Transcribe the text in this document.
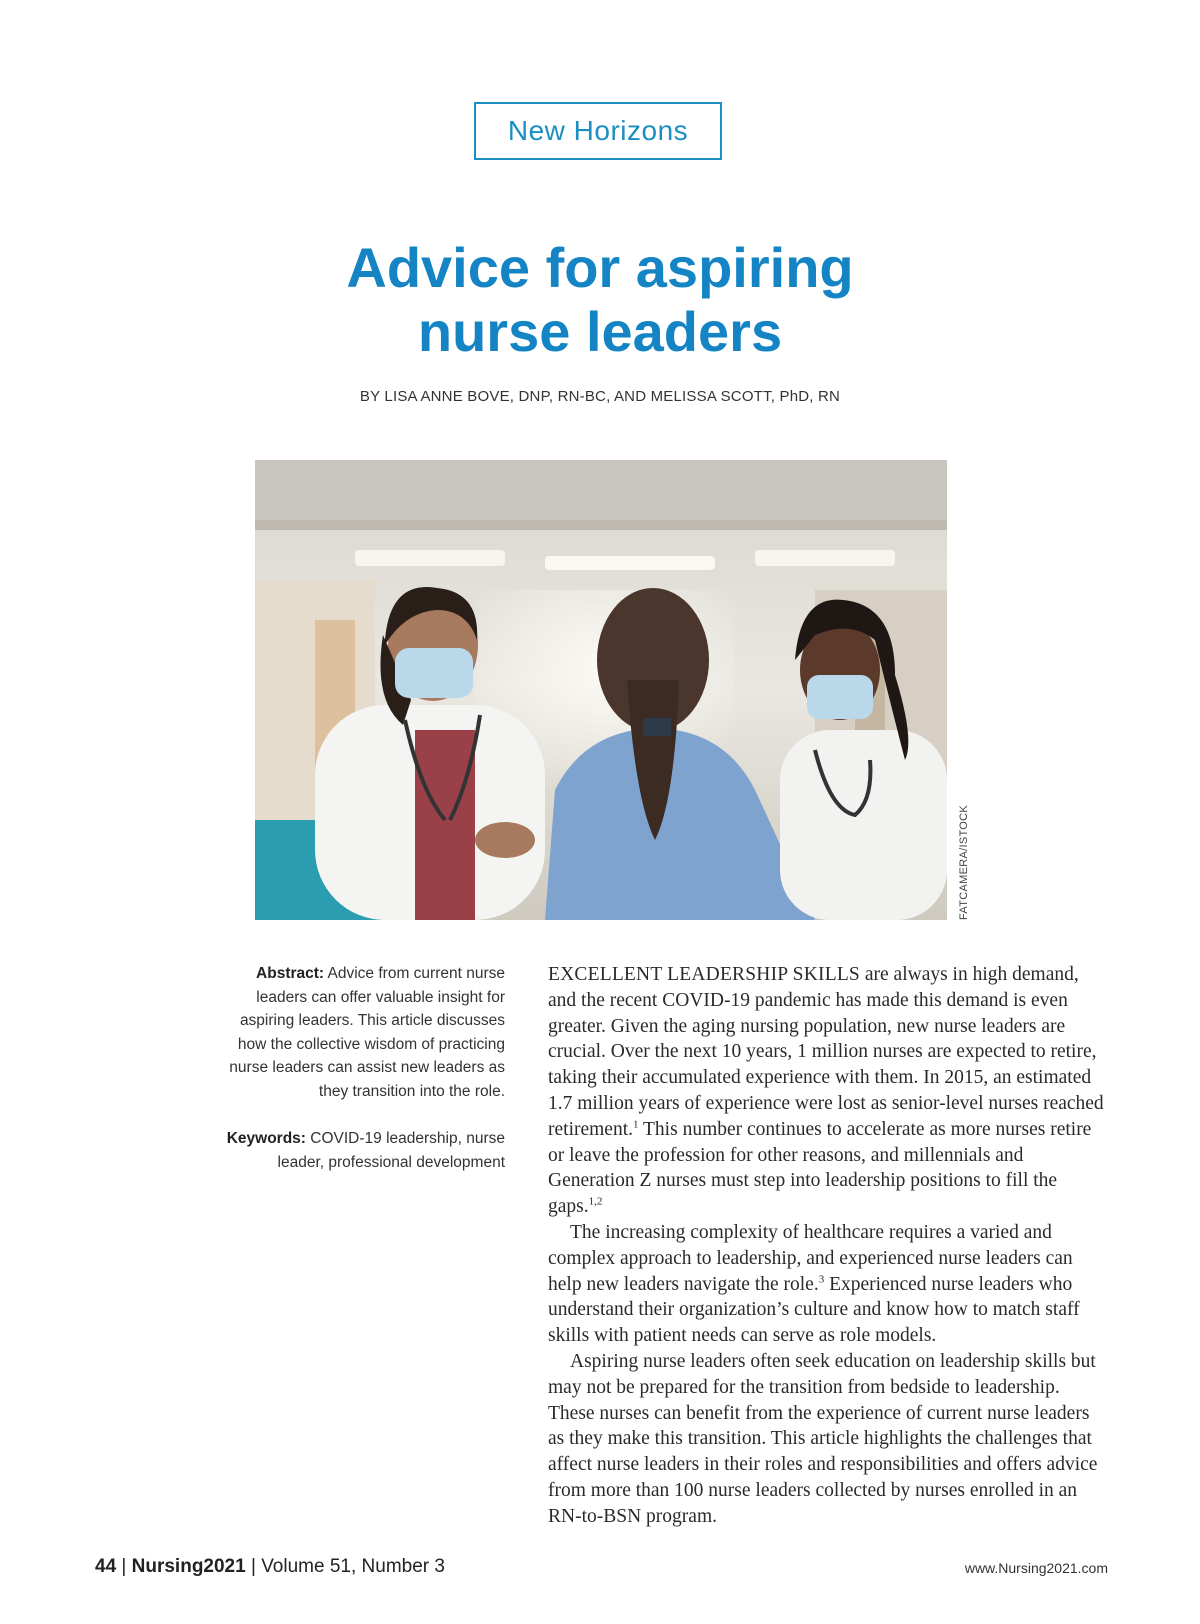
New Horizons
Advice for aspiring
nurse leaders
BY LISA ANNE BOVE, DNP, RN-BC, AND MELISSA SCOTT, PhD, RN
FATCAMERA/ISTOCK

Abstract: Advice from current nurse leaders can offer valuable insight for aspiring leaders. This article discusses how the collective wisdom of practicing nurse leaders can assist new leaders as they transition into the role.

Keywords: COVID-19 leadership, nurse leader, professional development

EXCELLENT LEADERSHIP SKILLS are always in high demand, and the recent COVID-19 pandemic has made this demand is even greater. Given the aging nursing population, new nurse leaders are crucial. Over the next 10 years, 1 million nurses are expected to retire, taking their accumulated experience with them. In 2015, an estimated 1.7 million years of experience were lost as senior-level nurses reached retirement.$^1$ This number continues to accelerate as more nurses retire or leave the profession for other reasons, and millennials and Generation Z nurses must step into leadership positions to fill the gaps.$^{1,2}$

The increasing complexity of healthcare requires a varied and complex approach to leadership, and experienced nurse leaders can help new leaders navigate the role.$^3$ Experienced nurse leaders who understand their organization’s culture and know how to match staff skills with patient needs can serve as role models.

Aspiring nurse leaders often seek education on leadership skills but may not be prepared for the transition from bedside to leadership. These nurses can benefit from the experience of current nurse leaders as they make this transition. This article highlights the challenges that affect nurse leaders in their roles and responsibilities and offers advice from more than 100 nurse leaders collected by nurses enrolled in an RN-to-BSN program.

44 | Nursing2021 | Volume 51, Number 3	www.Nursing2021.com
